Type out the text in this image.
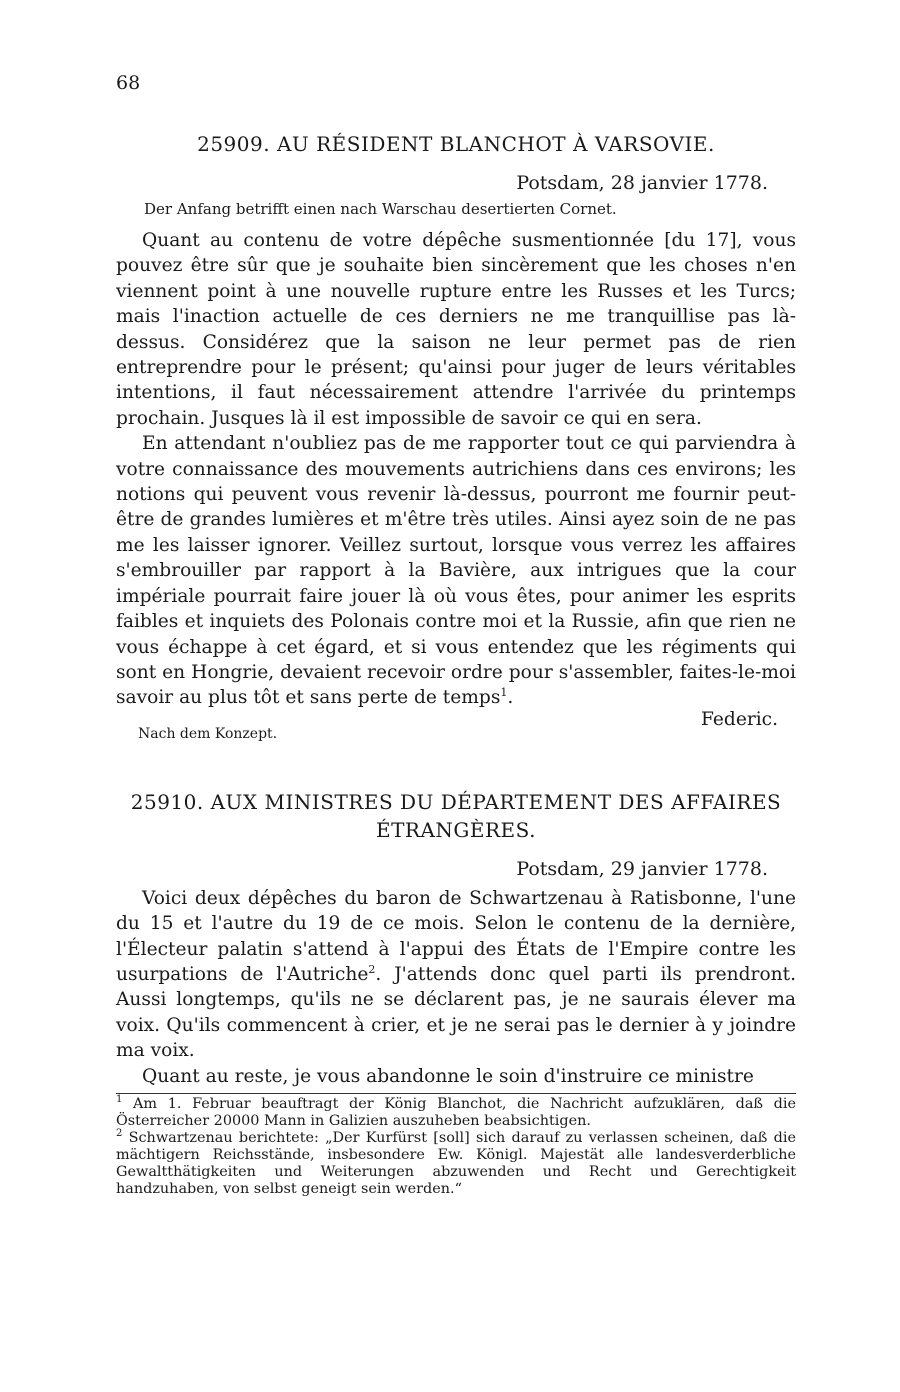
68
25909. AU RÉSIDENT BLANCHOT À VARSOVIE.
Potsdam, 28 janvier 1778.
Der Anfang betrifft einen nach Warschau desertierten Cornet.

Quant au contenu de votre dépêche susmentionnée [du 17], vous pouvez être sûr que je souhaite bien sincèrement que les choses n'en viennent point à une nouvelle rupture entre les Russes et les Turcs; mais l'inaction actuelle de ces derniers ne me tranquillise pas là-dessus. Considérez que la saison ne leur permet pas de rien entreprendre pour le présent; qu'ainsi pour juger de leurs véritables intentions, il faut nécessairement attendre l'arrivée du printemps prochain. Jusques là il est impossible de savoir ce qui en sera.

En attendant n'oubliez pas de me rapporter tout ce qui parviendra à votre connaissance des mouvements autrichiens dans ces environs; les notions qui peuvent vous revenir là-dessus, pourront me fournir peut-être de grandes lumières et m'être très utiles. Ainsi ayez soin de ne pas me les laisser ignorer. Veillez surtout, lorsque vous verrez les affaires s'embrouiller par rapport à la Bavière, aux intrigues que la cour impériale pourrait faire jouer là où vous êtes, pour animer les esprits faibles et inquiets des Polonais contre moi et la Russie, afin que rien ne vous échappe à cet égard, et si vous entendez que les régiments qui sont en Hongrie, devaient recevoir ordre pour s'assembler, faites-le-moi savoir au plus tôt et sans perte de temps$^1$.

Federic.
Nach dem Konzept.
25910. AUX MINISTRES DU DÉPARTEMENT DES AFFAIRES ÉTRANGÈRES.
Potsdam, 29 janvier 1778.

Voici deux dépêches du baron de Schwartzenau à Ratisbonne, l'une du 15 et l'autre du 19 de ce mois. Selon le contenu de la dernière, l'Électeur palatin s'attend à l'appui des États de l'Empire contre les usurpations de l'Autriche$^2$. J'attends donc quel parti ils prendront. Aussi longtemps, qu'ils ne se déclarent pas, je ne saurais élever ma voix. Qu'ils commencent à crier, et je ne serai pas le dernier à y joindre ma voix.

Quant au reste, je vous abandonne le soin d'instruire ce ministre

$^1$ Am 1. Februar beauftragt der König Blanchot, die Nachricht aufzuklären, daß die Österreicher 20000 Mann in Galizien auszuheben beabsichtigen.

$^2$ Schwartzenau berichtete: „Der Kurfürst [soll] sich darauf zu verlassen scheinen, daß die mächtigern Reichsstände, insbesondere Ew. Königl. Majestät alle landesverderbliche Gewaltthätigkeiten und Weiterungen abzuwenden und Recht und Gerechtigkeit handzuhaben, von selbst geneigt sein werden.“
